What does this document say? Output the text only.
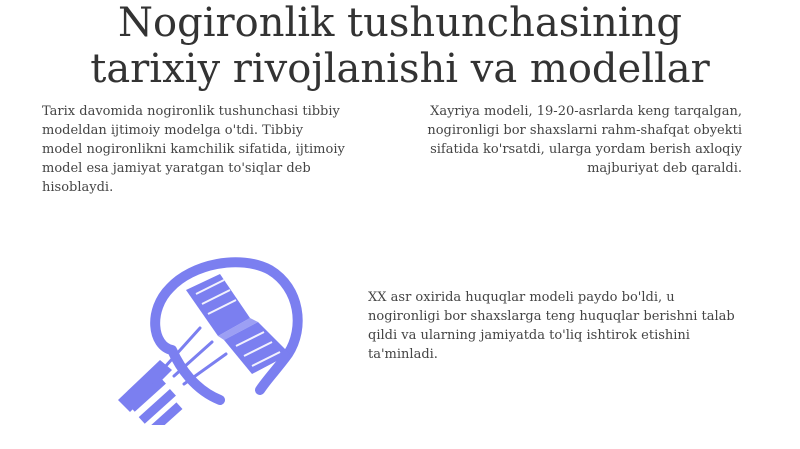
Nogironlik tushunchasining
tarixiy rivojlanishi va modellar

Tarix davomida nogironlik tushunchasi tibbiy modeldan ijtimoiy modelga o'tdi. Tibbiy model nogironlikni kamchilik sifatida, ijtimoiy model esa jamiyat yaratgan to'siqlar deb hisoblaydi.

Xayriya modeli, 19-20-asrlarda keng tarqalgan, nogironligi bor shaxslarni rahm-shafqat obyekti sifatida ko'rsatdi, ularga yordam berish axloqiy majburiyat deb qaraldi.

XX asr oxirida huquqlar modeli paydo bo'ldi, u nogironligi bor shaxslarga teng huquqlar berishni talab qildi va ularning jamiyatda to'liq ishtirok etishini ta'minladi.
